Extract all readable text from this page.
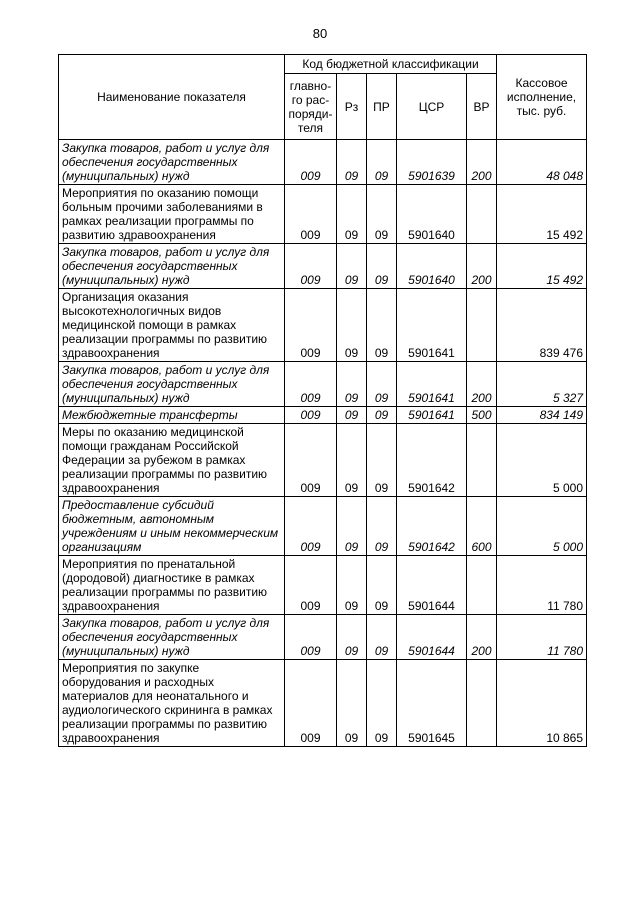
80
Наименование показателя	Код бюджетной классификации					Кассовое исполнение, тыс. руб.
	главно-го рас-поряди-теля	Рз	ПР	ЦСР	ВР	
Закупка товаров, работ и услуг для обеспечения государственных (муниципальных) нужд	009	09	09	5901639	200	48 048
Мероприятия по оказанию помощи больным прочими заболеваниями в рамках реализации программы по развитию здравоохранения	009	09	09	5901640		15 492
Закупка товаров, работ и услуг для обеспечения государственных (муниципальных) нужд	009	09	09	5901640	200	15 492
Организация оказания высокотехнологичных видов медицинской помощи в рамках реализации программы по развитию здравоохранения	009	09	09	5901641		839 476
Закупка товаров, работ и услуг для обеспечения государственных (муниципальных) нужд	009	09	09	5901641	200	5 327
Межбюджетные трансферты	009	09	09	5901641	500	834 149
Меры по оказанию медицинской помощи гражданам Российской Федерации за рубежом в рамках реализации программы по развитию здравоохранения	009	09	09	5901642		5 000
Предоставление субсидий бюджетным, автономным учреждениям и иным некоммерческим организациям	009	09	09	5901642	600	5 000
Мероприятия по пренатальной (дородовой) диагностике в рамках реализации программы по развитию здравоохранения	009	09	09	5901644		11 780
Закупка товаров, работ и услуг для обеспечения государственных (муниципальных) нужд	009	09	09	5901644	200	11 780
Мероприятия по закупке оборудования и расходных материалов для неонатального и аудиологического скрининга в рамках реализации программы по развитию здравоохранения	009	09	09	5901645		10 865
